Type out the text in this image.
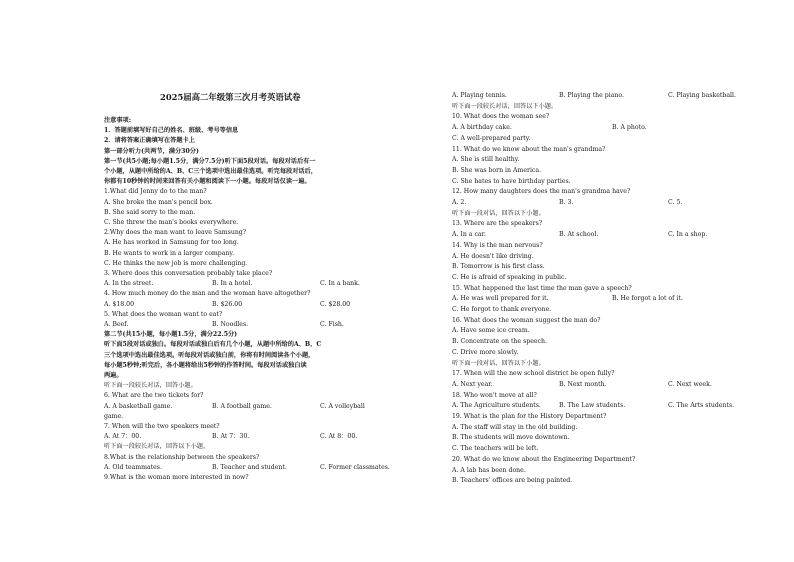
2025届高二年级第三次月考英语试卷
注意事项:
1．答题前填写好自己的姓名、班级、考号等信息
2．请将答案正确填写在答题卡上
第一部分听力(共两节，满分30分)
第一节(共5小题;每小题1.5分，满分7.5分)听下面5段对话。每段对话后有一
个小题，从题中所给的A、B、C三个选项中选出最佳选项。听完每段对话后，
你都有10秒钟的时间来回答有关小题和阅读下一小题。每段对话仅读一遍。
1.What did Jenny do to the man?
A. She broke the man's pencil box.
B. She said sorry to the man.
C. She threw the man's books everywhere.
2.Why does the man want to leave Samsung?
A. He has worked in Samsung for too long.
B. He wants to work in a larger company.
C. He thinks the new job is more challenging.
3. Where does this conversation probably take place?
A. In the street.	B. In a hotel.	C. In a bank.
4. How much money do the man and the woman have altogether?
A. $18.00	B. $26.00	C. $28.00
5. What does the woman want to eat?
A. Beef.	B. Noodles.	C. Fish.
第二节(共15小题，每小题1.5分，满分22.5分)
听下面5段对话或独白。每段对话或独白后有几个小题，从题中所给的A、B、C
三个选项中选出最佳选项。听每段对话或独白前，你将有时间阅读各个小题，
每小题5秒钟;听完后，各小题将给出5秒钟的作答时间。每段对话或独白读
两遍。
听下面一段较长对话，回答小题。
6. What are the two tickets for?
A. A basketball game.	B. A football game.	C. A volleyball
game.
7. When will the two speakers meet?
A. At 7：00.	B. At 7：30.	C. At 8：00.
听下面一段较长对话，回答以下小题。
8.What is the relationship between the speakers?
A. Old teammates.	B. Teacher and student.	C. Former classmates.
9.What is the woman more interested in now?
A. Playing tennis.	B. Playing the piano.	C. Playing basketball.
听下面一段较长对话，回答以下小题。
10. What does the woman see?
A. A birthday cake.	B. A photo.
C. A well-prepared party.
11. What do we know about the man's grandma?
A. She is still healthy.
B. She was born in America.
C. She hates to have birthday parties.
12. How many daughters does the man's grandma have?
A. 2.	B. 3.	C. 5.
听下面一段对话，回答以下小题。
13. Where are the speakers?
A. In a car.	B. At school.	C. In a shop.
14. Why is the man nervous?
A. He doesn't like driving.
B. Tomorrow is his first class.
C. He is afraid of speaking in public.
15. What happened the last time the man gave a speech?
A. He was well prepared for it.	B. He forgot a lot of it.
C. He forgot to thank everyone.
16. What does the woman suggest the man do?
A. Have some ice cream.
B. Concentrate on the speech.
C. Drive more slowly.
听下面一段对话，回答以下小题。
17. When will the new school district be open fully?
A. Next year.	B. Next month.	C. Next week.
18. Who won't move at all?
A. The Agriculture students.	B. The Law students.	C. The Arts students.
19. What is the plan for the History Department?
A. The staff will stay in the old building.
B. The students will move downtown.
C. The teachers will be left.
20. What do we know about the Engineering Department?
A. A lab has been done.
B. Teachers' offices are being painted.
